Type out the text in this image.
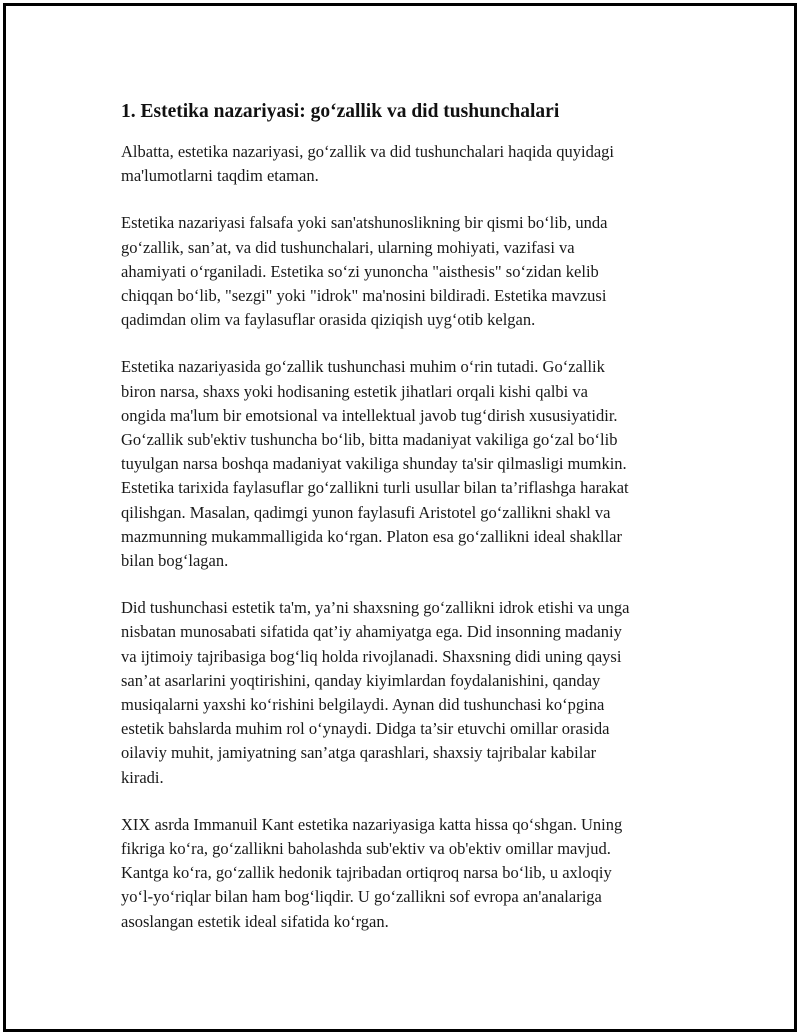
1. Estetika nazariyasi: go‘zallik va did tushunchalari

Albatta, estetika nazariyasi, go‘zallik va did tushunchalari haqida quyidagi
ma'lumotlarni taqdim etaman.

Estetika nazariyasi falsafa yoki san'atshunoslikning bir qismi bo‘lib, unda
go‘zallik, san’at, va did tushunchalari, ularning mohiyati, vazifasi va
ahamiyati o‘rganiladi. Estetika so‘zi yunoncha "aisthesis" so‘zidan kelib
chiqqan bo‘lib, "sezgi" yoki "idrok" ma'nosini bildiradi. Estetika mavzusi
qadimdan olim va faylasuflar orasida qiziqish uyg‘otib kelgan.

Estetika nazariyasida go‘zallik tushunchasi muhim o‘rin tutadi. Go‘zallik
biron narsa, shaxs yoki hodisaning estetik jihatlari orqali kishi qalbi va
ongida ma'lum bir emotsional va intellektual javob tug‘dirish xususiyatidir.
Go‘zallik sub'ektiv tushuncha bo‘lib, bitta madaniyat vakiliga go‘zal bo‘lib
tuyulgan narsa boshqa madaniyat vakiliga shunday ta'sir qilmasligi mumkin.
Estetika tarixida faylasuflar go‘zallikni turli usullar bilan ta’riflashga harakat
qilishgan. Masalan, qadimgi yunon faylasufi Aristotel go‘zallikni shakl va
mazmunning mukammalligida ko‘rgan. Platon esa go‘zallikni ideal shakllar
bilan bog‘lagan.

Did tushunchasi estetik ta'm, ya’ni shaxsning go‘zallikni idrok etishi va unga
nisbatan munosabati sifatida qat’iy ahamiyatga ega. Did insonning madaniy
va ijtimoiy tajribasiga bog‘liq holda rivojlanadi. Shaxsning didi uning qaysi
san’at asarlarini yoqtirishini, qanday kiyimlardan foydalanishini, qanday
musiqalarni yaxshi ko‘rishini belgilaydi. Aynan did tushunchasi ko‘pgina
estetik bahslarda muhim rol o‘ynaydi. Didga ta’sir etuvchi omillar orasida
oilaviy muhit, jamiyatning san’atga qarashlari, shaxsiy tajribalar kabilar
kiradi.

XIX asrda Immanuil Kant estetika nazariyasiga katta hissa qo‘shgan. Uning
fikriga ko‘ra, go‘zallikni baholashda sub'ektiv va ob'ektiv omillar mavjud.
Kantga ko‘ra, go‘zallik hedonik tajribadan ortiqroq narsa bo‘lib, u axloqiy
yo‘l-yo‘riqlar bilan ham bog‘liqdir. U go‘zallikni sof evropa an'analariga
asoslangan estetik ideal sifatida ko‘rgan.
